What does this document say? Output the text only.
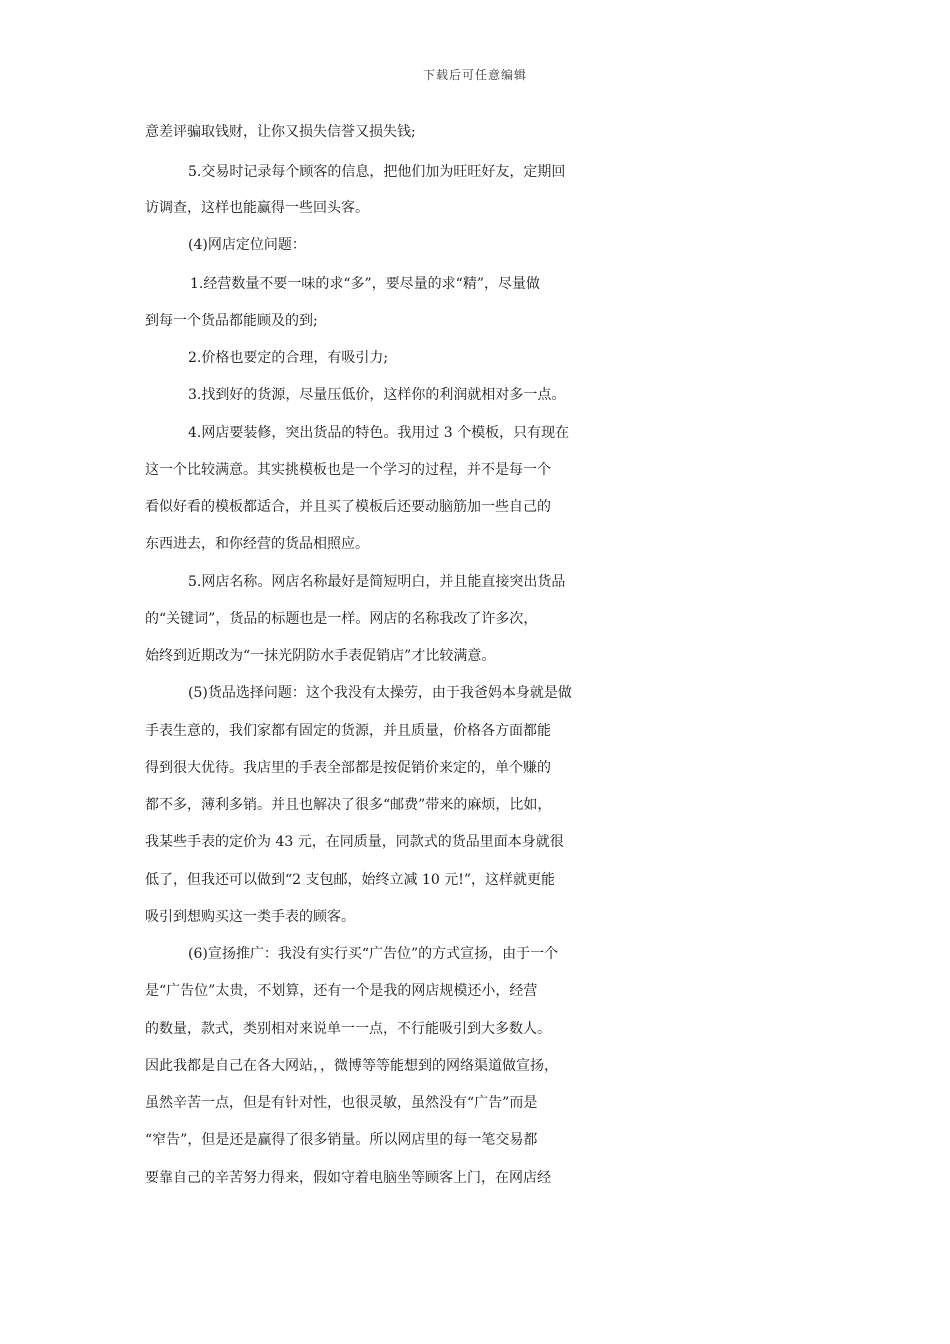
下载后可任意编辑
意差评骗取钱财，让你又损失信誉又损失钱;
5.交易时记录每个顾客的信息，把他们加为旺旺好友，定期回
访调查，这样也能赢得一些回头客。
(4)网店定位问题：
1.经营数量不要一味的求“多”，要尽量的求“精”，尽量做
到每一个货品都能顾及的到;
2.价格也要定的合理，有吸引力;
3.找到好的货源，尽量压低价，这样你的利润就相对多一点。
4.网店要装修，突出货品的特色。我用过 3 个模板，只有现在
这一个比较满意。其实挑模板也是一个学习的过程，并不是每一个
看似好看的模板都适合，并且买了模板后还要动脑筋加一些自己的
东西进去，和你经营的货品相照应。
5.网店名称。网店名称最好是简短明白，并且能直接突出货品
的“关键词”，货品的标题也是一样。网店的名称我改了许多次，
始终到近期改为“一抹光阴防水手表促销店”才比较满意。
(5)货品选择问题：这个我没有太操劳，由于我爸妈本身就是做
手表生意的，我们家都有固定的货源，并且质量，价格各方面都能
得到很大优待。我店里的手表全部都是按促销价来定的，单个赚的
都不多，薄利多销。并且也解决了很多“邮费”带来的麻烦，比如，
我某些手表的定价为 43 元，在同质量，同款式的货品里面本身就很
低了，但我还可以做到“2 支包邮，始终立减 10 元!”，这样就更能
吸引到想购买这一类手表的顾客。
(6)宣扬推广：我没有实行买“广告位”的方式宣扬，由于一个
是“广告位”太贵，不划算，还有一个是我的网店规模还小，经营
的数量，款式，类别相对来说单一一点，不行能吸引到大多数人。
因此我都是自己在各大网站，，微博等等能想到的网络渠道做宣扬，
虽然辛苦一点，但是有针对性，也很灵敏，虽然没有“广告”而是
“窄告”，但是还是赢得了很多销量。所以网店里的每一笔交易都
要靠自己的辛苦努力得来，假如守着电脑坐等顾客上门，在网店经
